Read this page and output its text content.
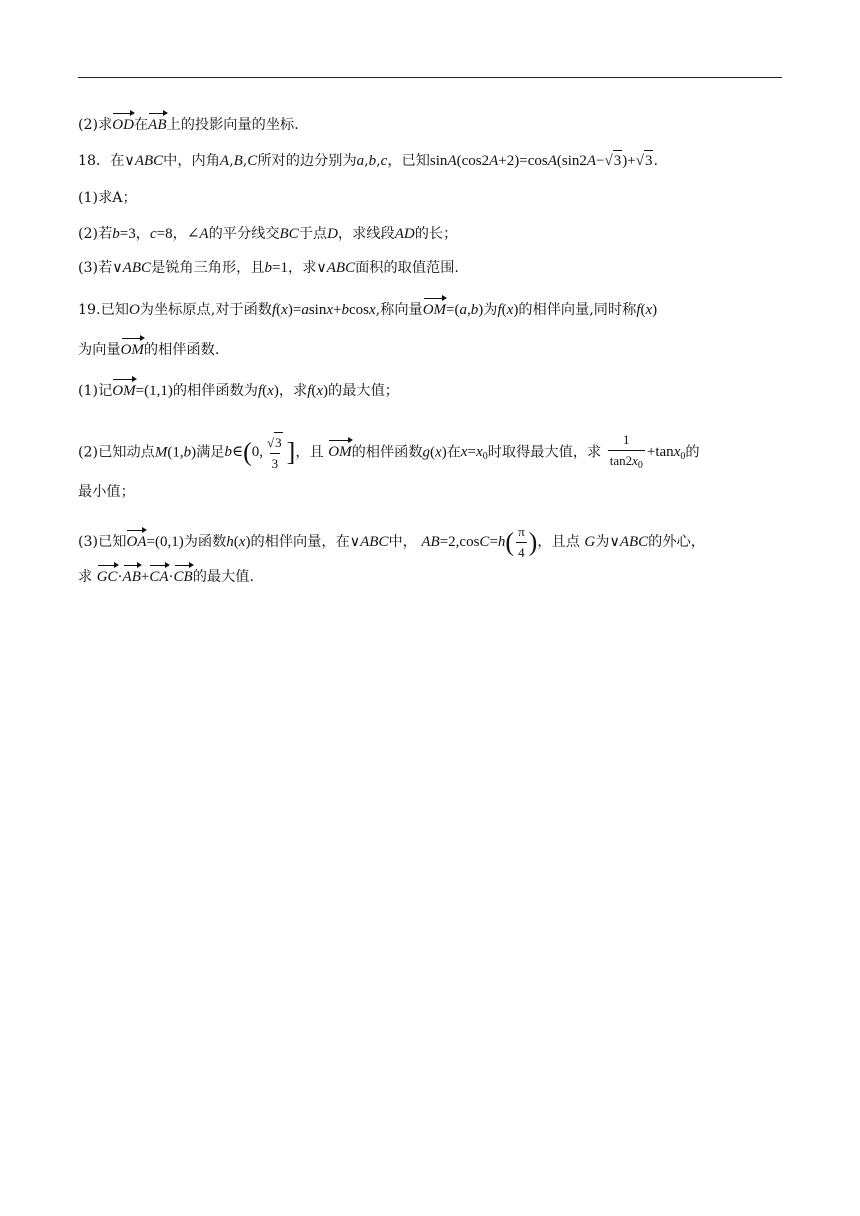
(2)求OD在AB上的投影向量的坐标.
18．在∨ABC中，内角A,B,C所对的边分别为a,b,c，已知sinA(cos2A+2)=cosA(sin2A−√3)+√3.
(1)求A；
(2)若b=3，c=8，∠A的平分线交BC于点D，求线段AD的长；
(3)若∨ABC是锐角三角形，且b=1，求∨ABC面积的取值范围.
19.已知O为坐标原点,对于函数f(x)=asinx+bcosx,称向量OM=(a,b)为f(x)的相伴向量,同时称f(x)
为向量OM的相伴函数.
(1)记OM=(1,1)的相伴函数为f(x)，求f(x)的最大值；
(2)已知动点M(1,b)满足b∈(0, $\frac{√3}{3}$ ]，且 OM的相伴函数g(x)在$x=x_0$时取得最大值，求 $\frac{1}{\tan 2x_0} +\tan x_0$的
最小值；
(3)已知OA=(0,1)为函数h(x)的相伴向量，在∨ABC中， $AB=2,\cos C=h( \frac{\pi}{4}$ )，且点 G为∨ABC的外心，
求 GC·AB+CA·CB的最大值.
